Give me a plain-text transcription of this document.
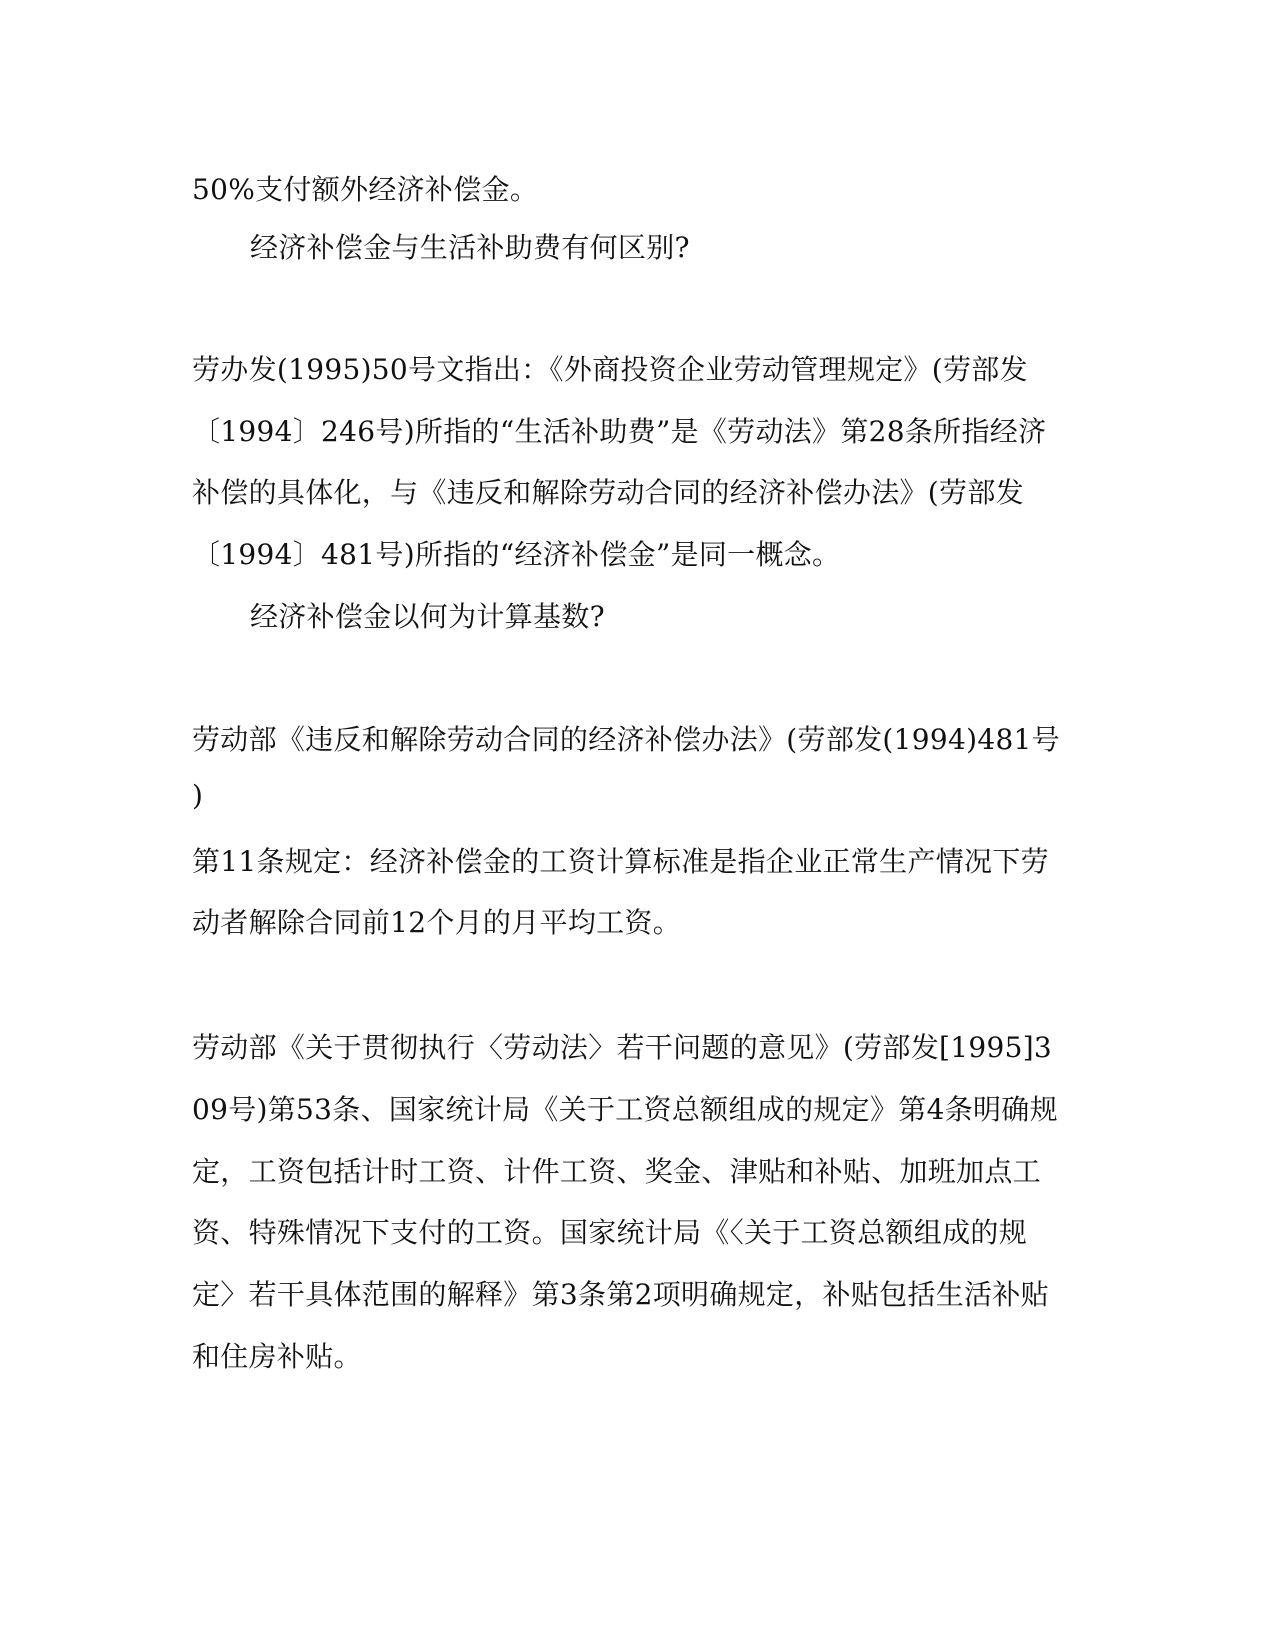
50%支付额外经济补偿金。
经济补偿金与生活补助费有何区别?
劳办发(1995)50号文指出：《外商投资企业劳动管理规定》(劳部发
〔1994〕246号)所指的“生活补助费”是《劳动法》第28条所指经济
补偿的具体化，与《违反和解除劳动合同的经济补偿办法》(劳部发
〔1994〕481号)所指的“经济补偿金”是同一概念。
经济补偿金以何为计算基数?
劳动部《违反和解除劳动合同的经济补偿办法》(劳部发(1994)481号
)
第11条规定：经济补偿金的工资计算标准是指企业正常生产情况下劳
动者解除合同前12个月的月平均工资。
劳动部《关于贯彻执行〈劳动法〉若干问题的意见》(劳部发[1995]3
09号)第53条、国家统计局《关于工资总额组成的规定》第4条明确规
定，工资包括计时工资、计件工资、奖金、津贴和补贴、加班加点工
资、特殊情况下支付的工资。国家统计局《〈关于工资总额组成的规
定〉若干具体范围的解释》第3条第2项明确规定，补贴包括生活补贴
和住房补贴。
